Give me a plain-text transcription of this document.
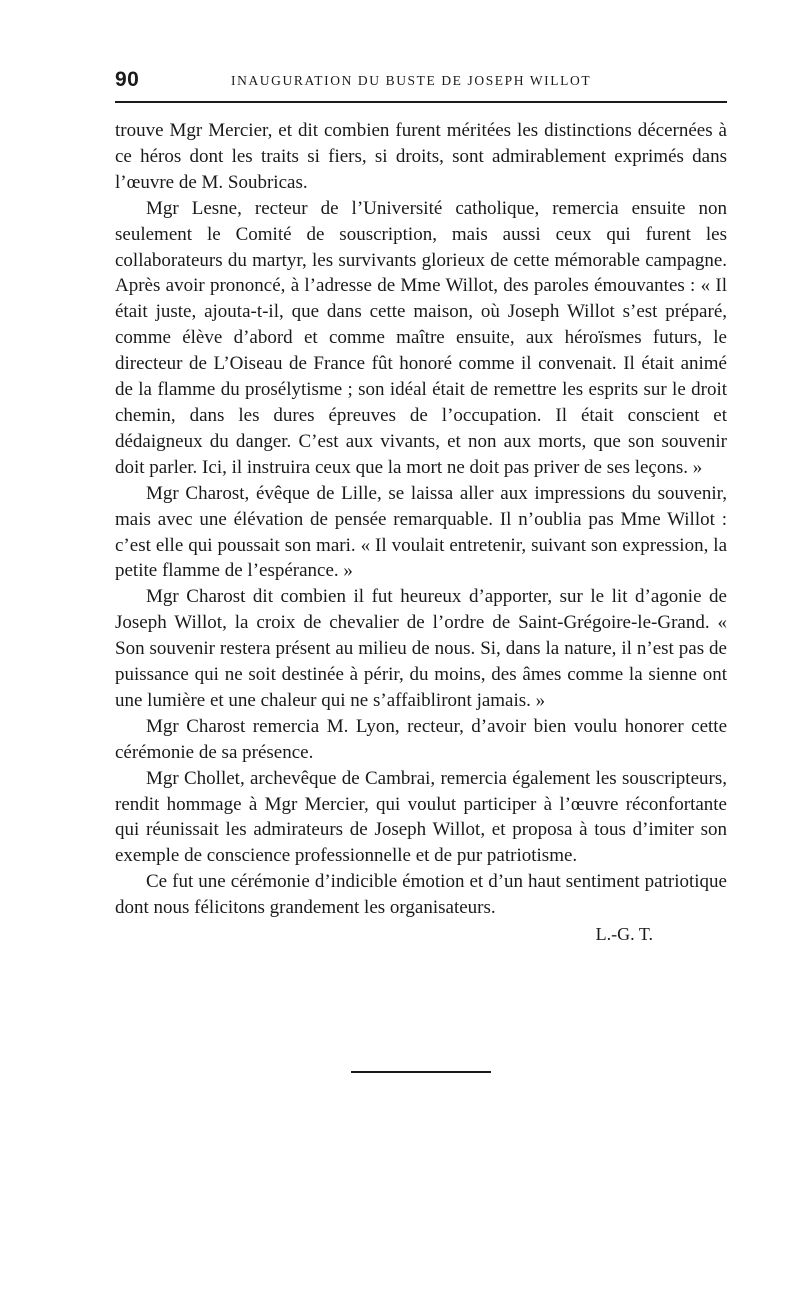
90	INAUGURATION DU BUSTE DE JOSEPH WILLOT

trouve Mgr Mercier, et dit combien furent méritées les distinctions décernées à ce héros dont les traits si fiers, si droits, sont admirablement exprimés dans l’œuvre de M. Soubricas.

Mgr Lesne, recteur de l’Université catholique, remercia ensuite non seulement le Comité de souscription, mais aussi ceux qui furent les collaborateurs du martyr, les survivants glorieux de cette mémorable campagne. Après avoir prononcé, à l’adresse de Mme Willot, des paroles émouvantes : « Il était juste, ajouta-t-il, que dans cette maison, où Joseph Willot s’est préparé, comme élève d’abord et comme maître ensuite, aux héroïsmes futurs, le directeur de L’Oiseau de France fût honoré comme il convenait. Il était animé de la flamme du prosélytisme ; son idéal était de remettre les esprits sur le droit chemin, dans les dures épreuves de l’occupation. Il était conscient et dédaigneux du danger. C’est aux vivants, et non aux morts, que son souvenir doit parler. Ici, il instruira ceux que la mort ne doit pas priver de ses leçons. »

Mgr Charost, évêque de Lille, se laissa aller aux impressions du souvenir, mais avec une élévation de pensée remarquable. Il n’oublia pas Mme Willot : c’est elle qui poussait son mari. « Il voulait entretenir, suivant son expression, la petite flamme de l’espérance. »

Mgr Charost dit combien il fut heureux d’apporter, sur le lit d’agonie de Joseph Willot, la croix de chevalier de l’ordre de Saint-Grégoire-le-Grand. « Son souvenir restera présent au milieu de nous. Si, dans la nature, il n’est pas de puissance qui ne soit destinée à périr, du moins, des âmes comme la sienne ont une lumière et une chaleur qui ne s’affaibliront jamais. »

Mgr Charost remercia M. Lyon, recteur, d’avoir bien voulu honorer cette cérémonie de sa présence.

Mgr Chollet, archevêque de Cambrai, remercia également les souscripteurs, rendit hommage à Mgr Mercier, qui voulut participer à l’œuvre réconfortante qui réunissait les admirateurs de Joseph Willot, et proposa à tous d’imiter son exemple de conscience professionnelle et de pur patriotisme.

Ce fut une cérémonie d’indicible émotion et d’un haut sentiment patriotique dont nous félicitons grandement les organisateurs.

L.-G. T.
